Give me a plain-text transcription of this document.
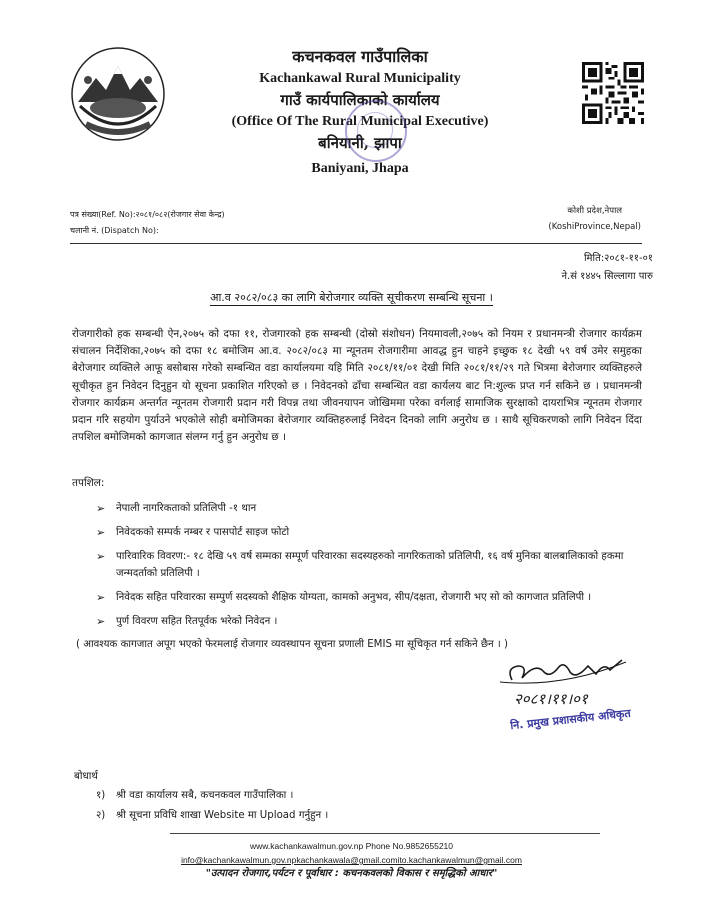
कचनकवल गाउँपालिका
Kachankawal Rural Municipality
गाउँ कार्यपालिकाको कार्यालय
(Office Of The Rural Municipal Executive)
बनियानी, झापा
Baniyani, Jhapa
पत्र संख्या(Ref. No):२०८१/०८२(रोजगार सेवा केन्द्र)
चलानी नं. (Dispatch No):
कोशी प्रदेश,नेपाल
(KoshiProvince,Nepal)
मिति:२०८१-११-०१
ने.सं १४४५ सिल्लागा पारु
आ.व २०८२/०८३ का लागि बेरोजगार व्यक्ति सूचीकरण सम्बन्धि सूचना ।
रोजगारीको हक सम्बन्धी ऐन,२०७५ को दफा ११, रोजगारको हक सम्बन्धी (दोस्रो संशोधन) नियमावली,२०७५ को नियम र प्रधानमन्त्री रोजगार कार्यक्रम संचालन निर्देशिका,२०७५ को दफा १८ बमोजिम आ.व. २०८२/०८३ मा न्यूनतम रोजगारीमा आवद्ध हुन चाहने इच्छुक १८ देखी ५९ वर्ष उमेर समुहका बेरोजगार व्यक्तिले आफू बसोबास गरेको सम्बन्धित वडा कार्यालयमा यहि मिति २०८१/११/०१ देखी मिति २०८१/११/२९ गते भित्रमा बेरोजगार व्यक्तिहरुले सूचीकृत हुन निवेदन दिनुहुन यो सूचना प्रकाशित गरिएको छ । निवेदनको ढाँचा सम्बन्धित वडा कार्यलय बाट नि:शुल्क प्रप्त गर्न सकिने छ । प्रधानमन्त्री रोजगार कार्यक्रम अन्तर्गत न्यूनतम रोजगारी प्रदान गरी विपन्न तथा जीवनयापन जोखिममा परेका वर्गलाई सामाजिक सुरक्षाको दायराभित्र न्यूनतम रोजगार प्रदान गरि सहयोग पुर्याउने भएकोले सोही बमोजिमका बेरोजगार व्यक्तिहरुलाई निवेदन दिनको लागि अनुरोध छ । साथै सूचिकरणको लागि निवेदन दिंदा तपशिल बमोजिमको कागजात संलग्न गर्नु हुन अनुरोध छ ।
तपशिल:
➢ नेपाली नागरिकताको प्रतिलिपी -१ थान
➢ निवेदकको सम्पर्क नम्बर र पासपोर्ट साइज फोटो
➢ पारिवारिक विवरण:- १८ देखि ५९ वर्ष सम्मका सम्पूर्ण परिवारका सदस्यहरुको नागरिकताको प्रतिलिपी, १६ वर्ष मुनिका बालबालिकाको हकमा जन्मदर्ताको प्रतिलिपी ।
➢ निवेदक सहित परिवारका सम्पुर्ण सदस्यको शैक्षिक योग्यता, कामको अनुभव, सीप/दक्षता, रोजगारी भए सो को कागजात प्रतिलिपी ।
➢ पुर्ण विवरण सहित रितपूर्वक भरेको निवेदन ।
( आवश्यक कागजात अपूग भएको फेरमलाई रोजगार व्यवस्थापन सूचना प्रणाली EMIS मा सूचिकृत गर्न सकिने छैन । )
२०८१।११।०१
नि. प्रमुख प्रशासकीय अधिकृत
बोधार्थ
१) श्री वडा कार्यालय सबै, कचनकवल गाउँपालिका ।
२) श्री सूचना प्रविधि शाखा Website मा Upload गर्नुहुन ।
www.kachankawalmun.gov.np Phone No.9852655210
info@kachankawalmun.gov.npkachankawala@gmail.comito.kachankawalmun@gmail.com
"उत्पादन रोजगार,पर्यटन र पूर्वाधार : कचनकवलको विकास र समृद्धिको आधार"
